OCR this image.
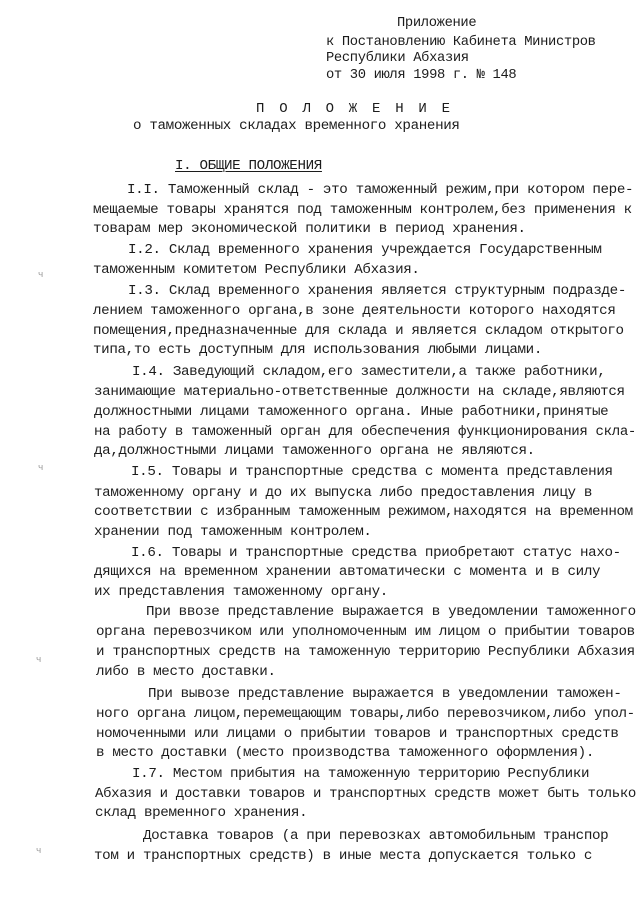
Приложение
к Постановлению Кабинета Министров
Республики Абхазия
от 30 июля 1998 г. № 148
П О Л О Ж Е Н И Е
о таможенных складах временного хранения
I. ОБЩИЕ ПОЛОЖЕНИЯ
ч
ч
ч
ч
I.I. Таможенный склад - это таможенный режим,при котором пере-
мещаемые товары хранятся под таможенным контролем,без применения к
товарам мер экономической политики в период хранения.
I.2. Склад временного хранения учреждается Государственным
таможенным комитетом Республики Абхазия.
I.3. Склад временного хранения является структурным подразде-
лением таможенного органа,в зоне деятельности которого находятся
помещения,предназначенные для склада и является складом открытого
типа,то есть доступным для использования любыми лицами.
I.4. Заведующий складом,его заместители,а также работники,
занимающие материально-ответственные должности на складе,являются
должностными лицами таможенного органа. Иные работники,принятые
на работу в таможенный орган для обеспечения функционирования скла-
да,должностными лицами таможенного органа не являются.
I.5. Товары и транспортные средства с момента представления
таможенному органу и до их выпуска либо предоставления лицу в
соответствии с избранным таможенным режимом,находятся на временном
хранении под таможенным контролем.
I.6. Товары и транспортные средства приобретают статус нахо-
дящихся на временном хранении автоматически с момента и в силу
их представления таможенному органу.
При ввозе представление выражается в уведомлении таможенного
органа перевозчиком или уполномоченным им лицом о прибытии товаров
и транспортных средств на таможенную территорию Республики Абхазия
либо в место доставки.
При вывозе представление выражается в уведомлении таможен-
ного органа лицом,перемещающим товары,либо перевозчиком,либо упол-
номоченными или лицами о прибытии товаров и транспортных средств
в место доставки (место производства таможенного оформления).
I.7. Местом прибытия на таможенную территорию Республики
Абхазия и доставки товаров и транспортных средств может быть только
склад временного хранения.
Доставка товаров (а при перевозках автомобильным транспор
том и транспортных средств) в иные места допускается только с
